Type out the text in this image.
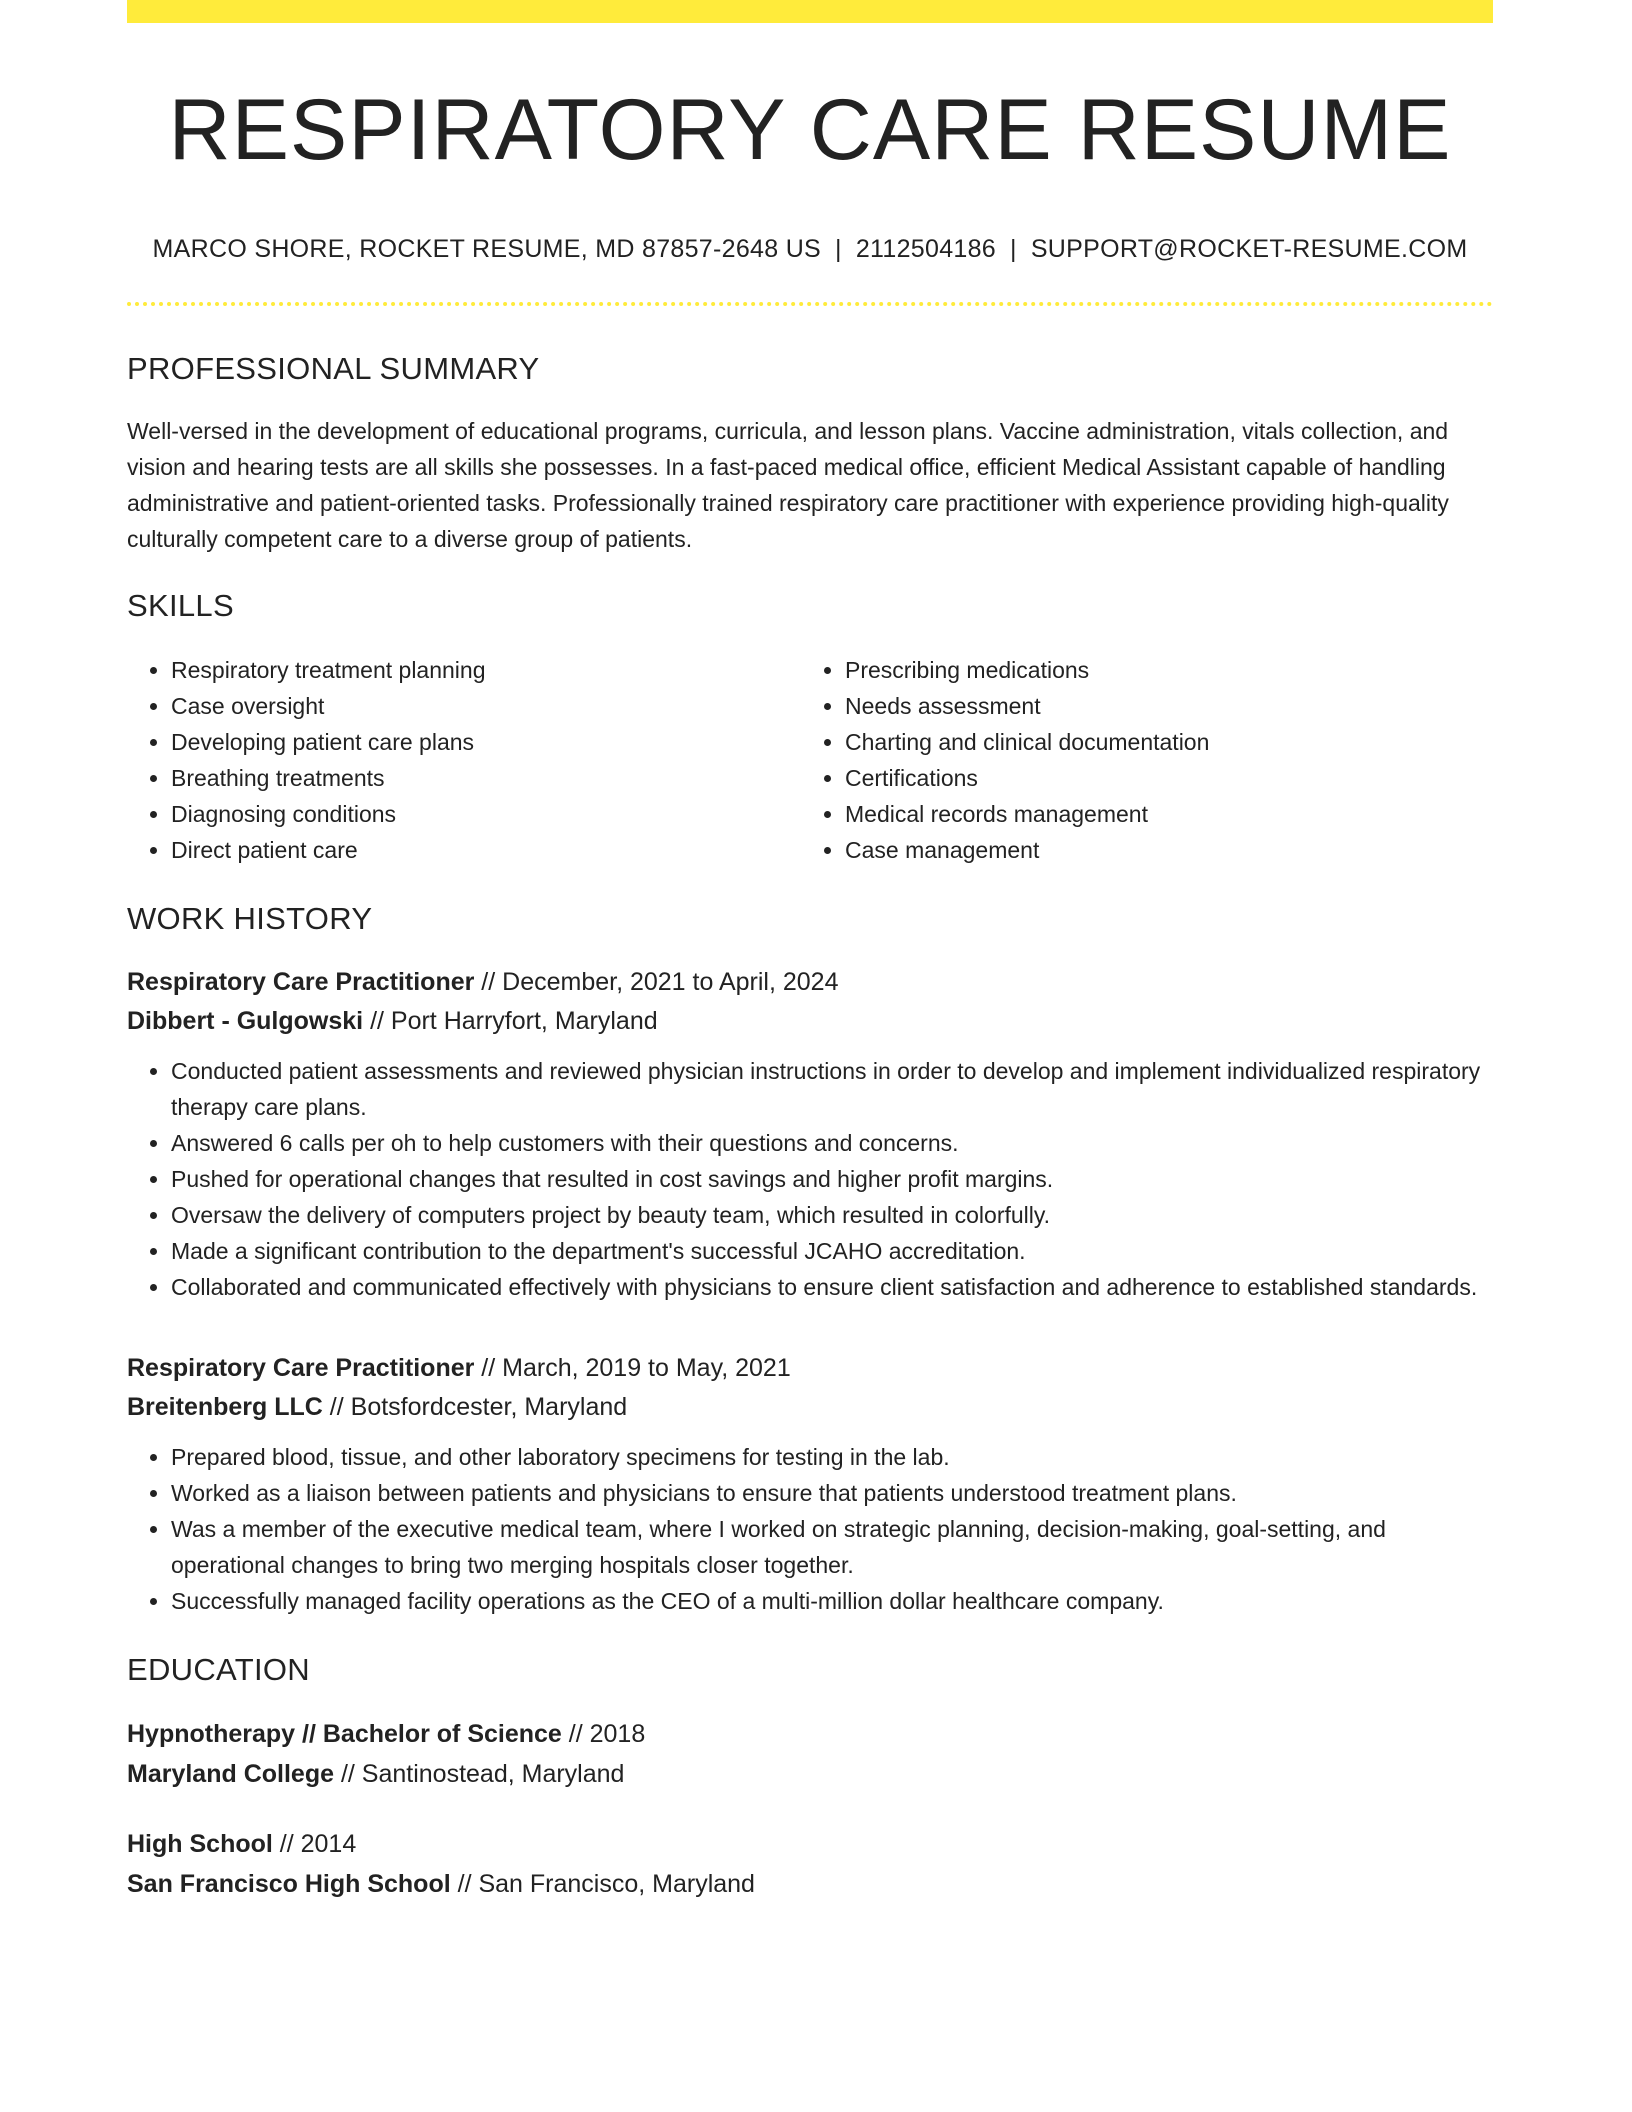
RESPIRATORY CARE RESUME
MARCO SHORE, ROCKET RESUME, MD 87857-2648 US | 2112504186 | SUPPORT@ROCKET-RESUME.COM
PROFESSIONAL SUMMARY

Well-versed in the development of educational programs, curricula, and lesson plans. Vaccine administration, vitals collection, and vision and hearing tests are all skills she possesses. In a fast-paced medical office, efficient Medical Assistant capable of handling administrative and patient-oriented tasks. Professionally trained respiratory care practitioner with experience providing high-quality culturally competent care to a diverse group of patients.

SKILLS
• Respiratory treatment planning
• Case oversight
• Developing patient care plans
• Breathing treatments
• Diagnosing conditions
• Direct patient care
• Prescribing medications
• Needs assessment
• Charting and clinical documentation
• Certifications
• Medical records management
• Case management
WORK HISTORY
Respiratory Care Practitioner // December, 2021 to April, 2024
Dibbert - Gulgowski // Port Harryfort, Maryland
• Conducted patient assessments and reviewed physician instructions in order to develop and implement individualized respiratory therapy care plans.
• Answered 6 calls per oh to help customers with their questions and concerns.
• Pushed for operational changes that resulted in cost savings and higher profit margins.
• Oversaw the delivery of computers project by beauty team, which resulted in colorfully.
• Made a significant contribution to the department's successful JCAHO accreditation.
• Collaborated and communicated effectively with physicians to ensure client satisfaction and adherence to established standards.
Respiratory Care Practitioner // March, 2019 to May, 2021
Breitenberg LLC // Botsfordcester, Maryland
• Prepared blood, tissue, and other laboratory specimens for testing in the lab.
• Worked as a liaison between patients and physicians to ensure that patients understood treatment plans.
• Was a member of the executive medical team, where I worked on strategic planning, decision-making, goal-setting, and operational changes to bring two merging hospitals closer together.
• Successfully managed facility operations as the CEO of a multi-million dollar healthcare company.
EDUCATION
Hypnotherapy // Bachelor of Science // 2018
Maryland College // Santinostead, Maryland
High School // 2014
San Francisco High School // San Francisco, Maryland
